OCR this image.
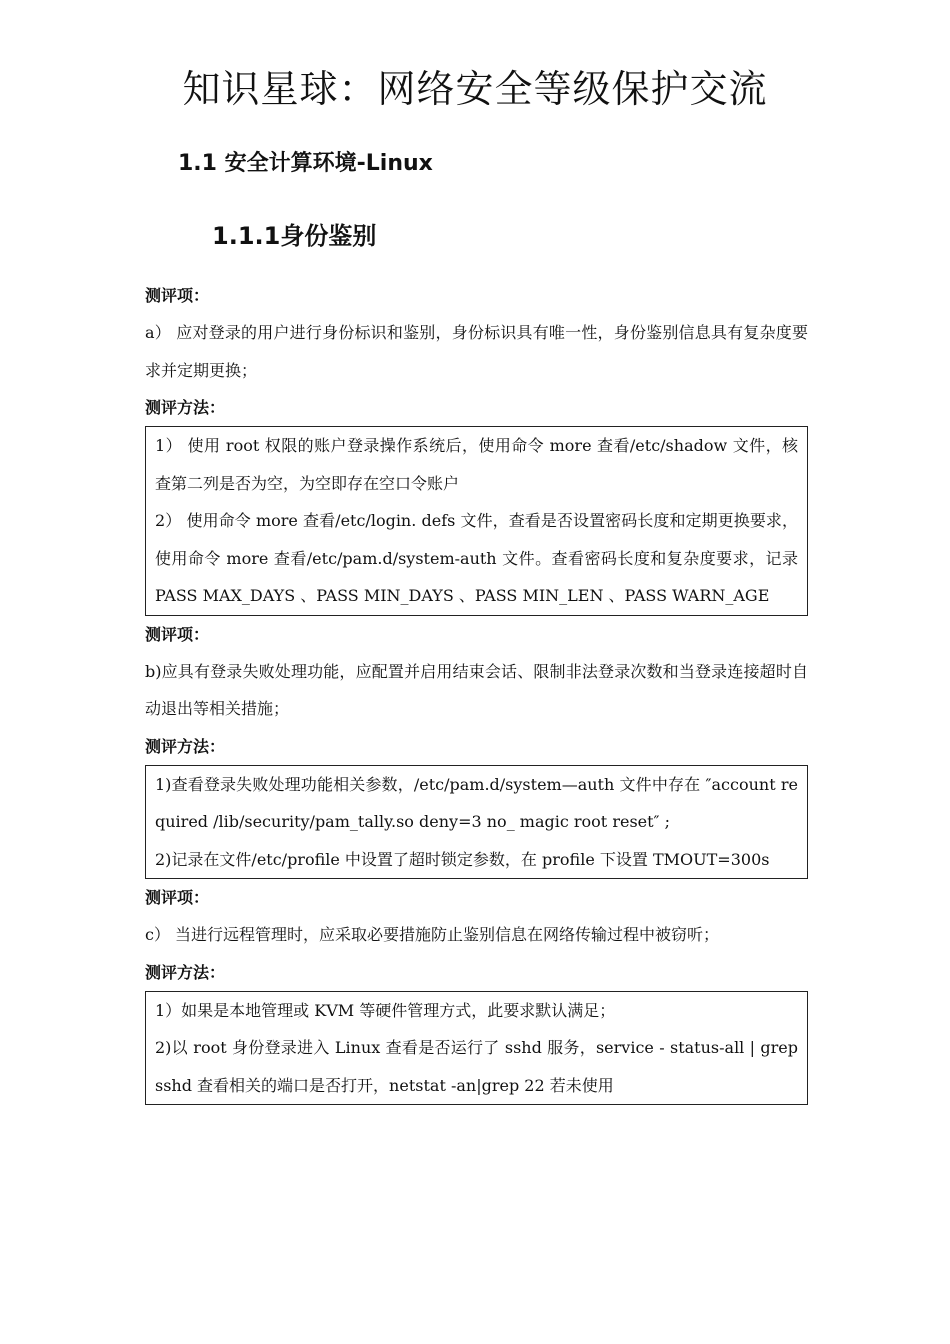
知识星球：网络安全等级保护交流
1.1 安全计算环境-Linux
1.1.1身份鉴别
测评项：
a） 应对登录的用户进行身份标识和鉴别，身份标识具有唯一性，身份鉴别信息具有复杂度要求并定期更换；
测评方法：
1） 使用 root 权限的账户登录操作系统后，使用命令 more 查看/etc/shadow 文件，核查第二列是否为空，为空即存在空口令账户
2） 使用命令 more 查看/etc/login. defs 文件，查看是否设置密码长度和定期更换要求，使用命令 more 查看/etc/pam.d/system-auth 文件。查看密码长度和复杂度要求，记录 PASS MAX_DAYS 、PASS MIN_DAYS 、PASS MIN_LEN 、PASS WARN_AGE
测评项：
b)应具有登录失败处理功能，应配置并启用结束会话、限制非法登录次数和当登录连接超时自动退出等相关措施；
测评方法：
1)查看登录失败处理功能相关参数，/etc/pam.d/system—auth 文件中存在 ″account required /lib/security/pam_tally.so deny=3 no_ magic root reset″ ;
2)记录在文件/etc/profile 中设置了超时锁定参数，在 profile 下设置 TMOUT=300s
测评项：
c） 当进行远程管理时，应采取必要措施防止鉴别信息在网络传输过程中被窃听；
测评方法：
1）如果是本地管理或 KVM 等硬件管理方式，此要求默认满足；
2)以 root 身份登录进入 Linux 查看是否运行了 sshd 服务，service - status-all | grep sshd 查看相关的端口是否打开，netstat -an|grep 22 若未使用
